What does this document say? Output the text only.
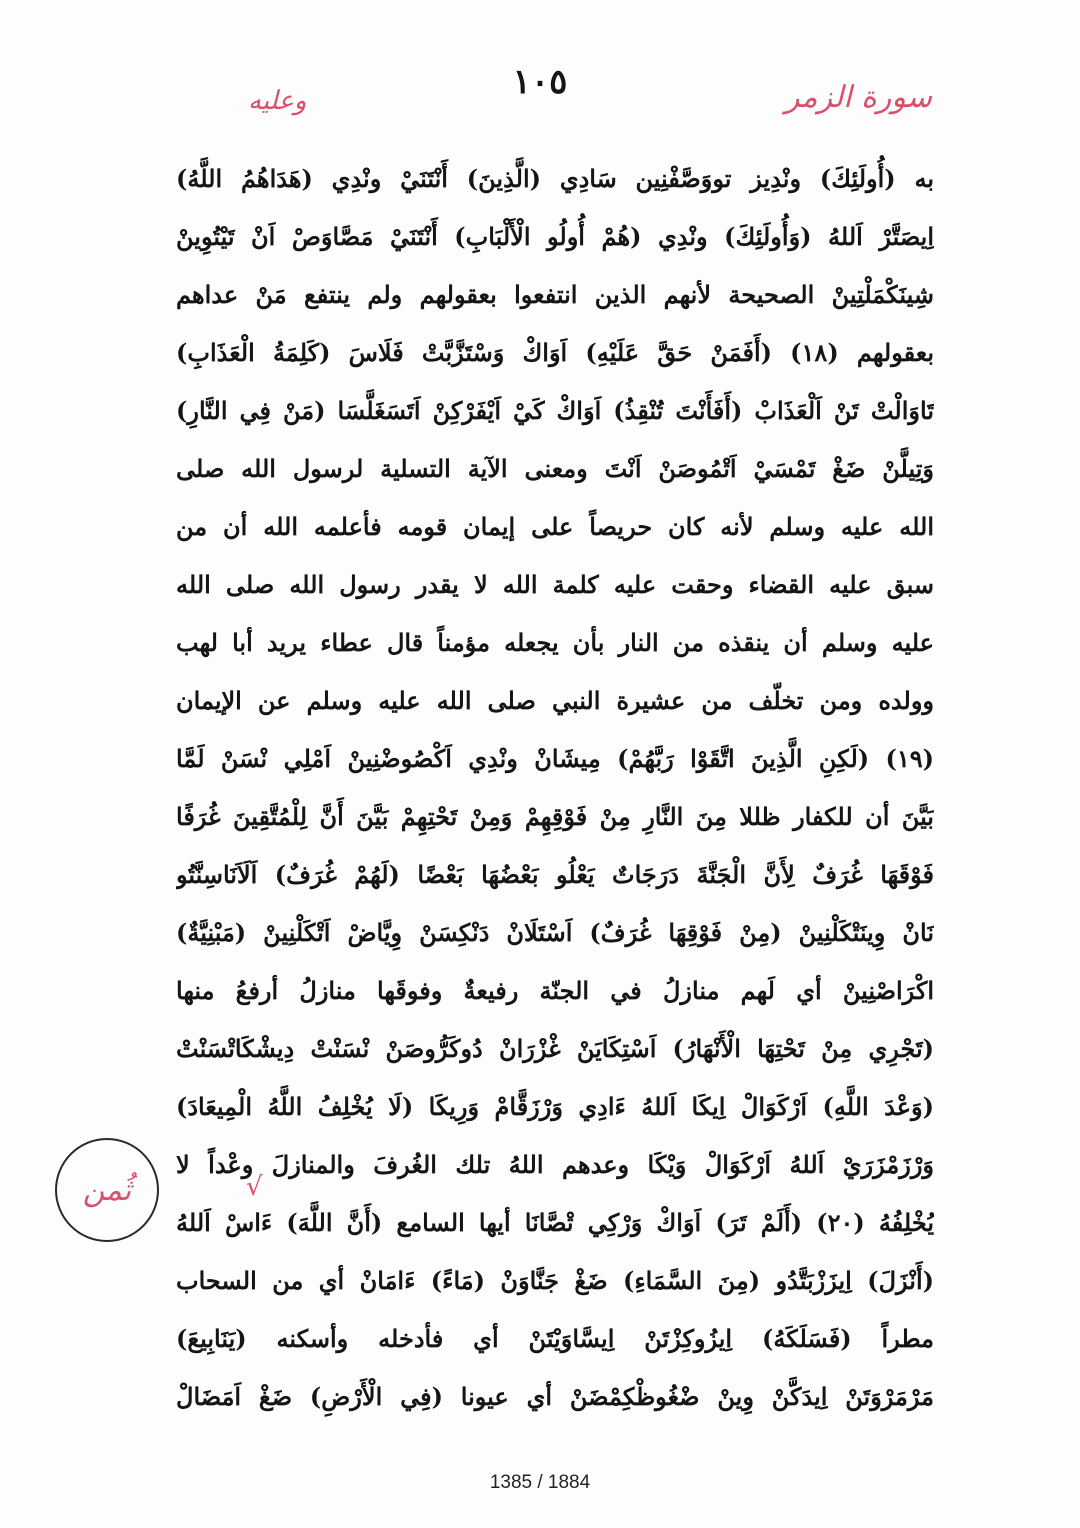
١٠٥	سورة الزمر
وعليه
به (أُولَئِكَ) ونْدِيز تووَصَّفْنِين سَادِي (الَّذِينَ) أَنْتَنَيْ ونْدِي (هَدَاهُمُ اللَّهُ)
اِيصَتَّرْ اَللهُ (وَأُولَئِكَ) ونْدِي (هُمْ أُولُو الْأَلْبَابِ) أَنْتَنَيْ مَصَّاوَصْ اَنْ تَيْتُوِينْ
شِينَكْمَلْتِينْ الصحيحة لأنهم الذين انتفعوا بعقولهم ولم ينتفع مَنْ عداهم
بعقولهم (١٨) (أَفَمَنْ حَقَّ عَلَيْهِ) اَوَاكْ وَسْتَزَّبَّتْ فَلَاسَ (كَلِمَةُ الْعَذَابِ)
تَاوَالْتْ تَنْ اَلْعَذَابْ (أَفَأَنْتَ تُنْقِذُ) اَوَاكْ كَيْ اَيْفَرْكِنْ اَتَسَغَلَّسَا (مَنْ فِي النَّارِ)
وَتِيلَّنْ ضَغْ تَمْسَيْ اَتْمُوصَنْ اَنْتَ ومعنى الآية التسلية لرسول الله صلى
الله عليه وسلم لأنه كان حريصاً على إيمان قومه فأعلمه الله أن من
سبق عليه القضاء وحقت عليه كلمة الله لا يقدر رسول الله صلى الله
عليه وسلم أن ينقذه من النار بأن يجعله مؤمناً قال عطاء يريد أبا لهب
وولده ومن تخلّف من عشيرة النبي صلى الله عليه وسلم عن الإيمان
(١٩) (لَكِنِ الَّذِينَ اتَّقَوْا رَبَّهُمْ) مِيشَانْ ونْدِي اَكْصُوضْنِينْ اَمْلِي نْسَنْ لَمَّا
بَيَّنَ أن للكفار ظللا مِنَ النَّارِ مِنْ فَوْقِهِمْ وَمِنْ تَحْتِهِمْ بَيَّنَ أَنَّ لِلْمُتَّقِينَ غُرَفًا
فَوْقَهَا غُرَفٌ لِأَنَّ الْجَنَّةَ دَرَجَاتٌ يَعْلُو بَعْضُهَا بَعْضًا (لَهُمْ غُرَفٌ) اَلَاَنَاسِنَّتُو
نَانْ وِينَتْكَلْنِينْ (مِنْ فَوْقِهَا غُرَفٌ) اَسْتَلَانْ دَنْكِسَنْ وِيَّاضْ اَتْكَلْنِينْ (مَبْنِيَّةٌ)
اكْرَاصْنِينْ أي لَهم منازلُ في الجنّة رفيعةٌ وفوقَها منازلُ أرفعُ منها
(تَجْرِي مِنْ تَحْتِهَا الْأَنْهَارُ) اَسْتِكَايَنْ غْزْرَانْ دُوكَرُّوصَنْ نْسَنْتْ دِيشْكَاتْسَنْتْ
(وَعْدَ اللَّهِ) اَرْكَوَالْ اِيكَا اَللهُ ءَادِي وَرْزَقَّامْ وَرِيكَا (لَا يُخْلِفُ اللَّهُ الْمِيعَادَ)
وَرْزَمْزَرَيْ اَللهُ اَرْكَوَالْ وَيْكَا وعدهم اللهُ تلك الغُرفَ والمنازلَ وعْداً لا
يُخْلِفُهُ (٢٠) (أَلَمْ تَرَ) اَوَاكْ وَرْكِي تْصَّانَا أيها السامع (أَنَّ اللَّهَ) ءَاسْ اَللهُ
(أَنْزَلَ) اِيزَزْبَتَّدُو (مِنَ السَّمَاءِ) ضَغْ جَنَّاوَنْ (مَاءً) ءَامَانْ أي من السحاب
مطراً (فَسَلَكَهُ) اِيزُوكِزْتَنْ اِيسَّاوَيْتَنْ أي فأدخله وأسكنه (يَنَابِيعَ)
مَرْمَرْوَتَنْ اِيدَكَّنْ وِينْ ضْغُوظْكِمْضَنْ أي عيونا (فِي الْأَرْضِ) ضَغْ اَمَضَالْ
√
ثُمن
1385 / 1884
